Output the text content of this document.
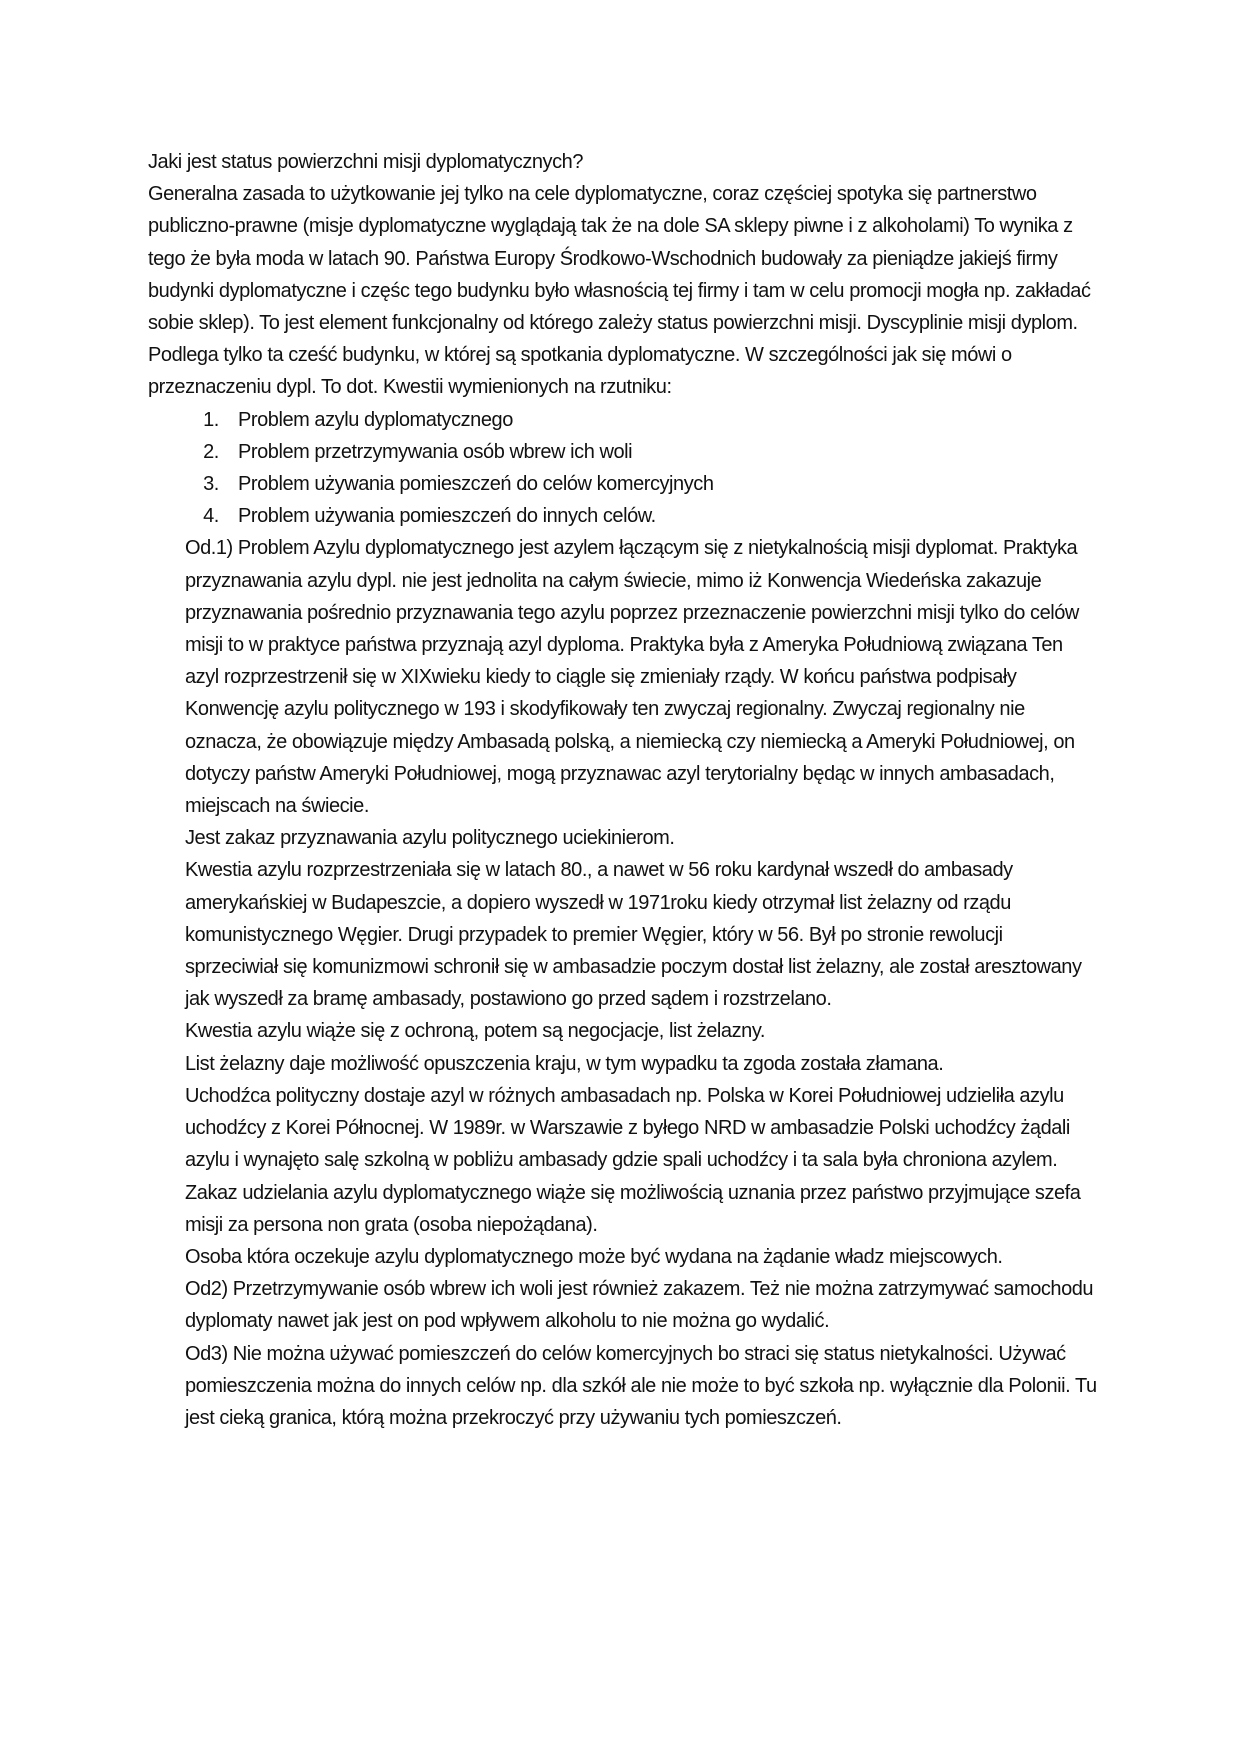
Jaki jest status powierzchni misji dyplomatycznych?

Generalna zasada to użytkowanie jej tylko na cele dyplomatyczne, coraz częściej spotyka się partnerstwo publiczno-prawne (misje dyplomatyczne wyglądają tak że na dole SA sklepy piwne i z alkoholami) To wynika z tego że była moda w latach 90. Państwa Europy Środkowo-Wschodnich budowały za pieniądze jakiejś firmy budynki dyplomatyczne i częśc tego budynku było własnością tej firmy i tam w celu promocji mogła np. zakładać sobie sklep). To jest element funkcjonalny od którego zależy status powierzchni misji. Dyscyplinie misji dyplom. Podlega tylko ta cześć budynku, w której są spotkania dyplomatyczne. W szczególności jak się mówi o przeznaczeniu dypl. To dot. Kwestii wymienionych na rzutniku:

1. Problem azylu dyplomatycznego
2. Problem przetrzymywania osób wbrew ich woli
3. Problem używania pomieszczeń do celów komercyjnych
4. Problem używania pomieszczeń do innych celów.

Od.1) Problem Azylu dyplomatycznego jest azylem łączącym się z nietykalnością misji dyplomat. Praktyka przyznawania azylu dypl. nie jest jednolita na całym świecie, mimo iż Konwencja Wiedeńska zakazuje przyznawania pośrednio przyznawania tego azylu poprzez przeznaczenie powierzchni misji tylko do celów misji to w praktyce państwa przyznają azyl dyploma. Praktyka była z Ameryka Południową związana Ten azyl rozprzestrzenił się w XIXwieku kiedy to ciągle się zmieniały rządy. W końcu państwa podpisały Konwencję azylu politycznego w 193 i skodyfikowały ten zwyczaj regionalny. Zwyczaj regionalny nie oznacza, że obowiązuje między Ambasadą polską, a niemiecką czy niemiecką a Ameryki Południowej, on dotyczy państw Ameryki Południowej, mogą przyznawac azyl terytorialny będąc w innych ambasadach, miejscach na świecie.

Jest zakaz przyznawania azylu politycznego uciekinierom.

Kwestia azylu rozprzestrzeniała się w latach 80., a nawet w 56 roku kardynał wszedł do ambasady amerykańskiej w Budapeszcie, a dopiero wyszedł w 1971roku kiedy otrzymał list żelazny od rządu komunistycznego Węgier. Drugi przypadek to premier Węgier, który w 56. Był po stronie rewolucji sprzeciwiał się komunizmowi schronił się w ambasadzie poczym dostał list żelazny, ale został aresztowany jak wyszedł za bramę ambasady, postawiono go przed sądem i rozstrzelano.

Kwestia azylu wiąże się z ochroną, potem są negocjacje, list żelazny.

List żelazny daje możliwość opuszczenia kraju, w tym wypadku ta zgoda została złamana.

Uchodźca polityczny dostaje azyl w różnych ambasadach np. Polska w Korei Południowej udzieliła azylu uchodźcy z Korei Północnej. W 1989r. w Warszawie z byłego NRD w ambasadzie Polski uchodźcy żądali azylu i wynajęto salę szkolną w pobliżu ambasady gdzie spali uchodźcy i ta sala była chroniona azylem.

Zakaz udzielania azylu dyplomatycznego wiąże się możliwością uznania przez państwo przyjmujące szefa misji za persona non grata (osoba niepożądana).

Osoba która oczekuje azylu dyplomatycznego może być wydana na żądanie władz miejscowych.

Od2) Przetrzymywanie osób wbrew ich woli jest również zakazem. Też nie można zatrzymywać samochodu dyplomaty nawet jak jest on pod wpływem alkoholu to nie można go wydalić.

Od3) Nie można używać pomieszczeń do celów komercyjnych bo straci się status nietykalności. Używać pomieszczenia można do innych celów np. dla szkół ale nie może to być szkoła np. wyłącznie dla Polonii. Tu jest cieką granica, którą można przekroczyć przy używaniu tych pomieszczeń.
